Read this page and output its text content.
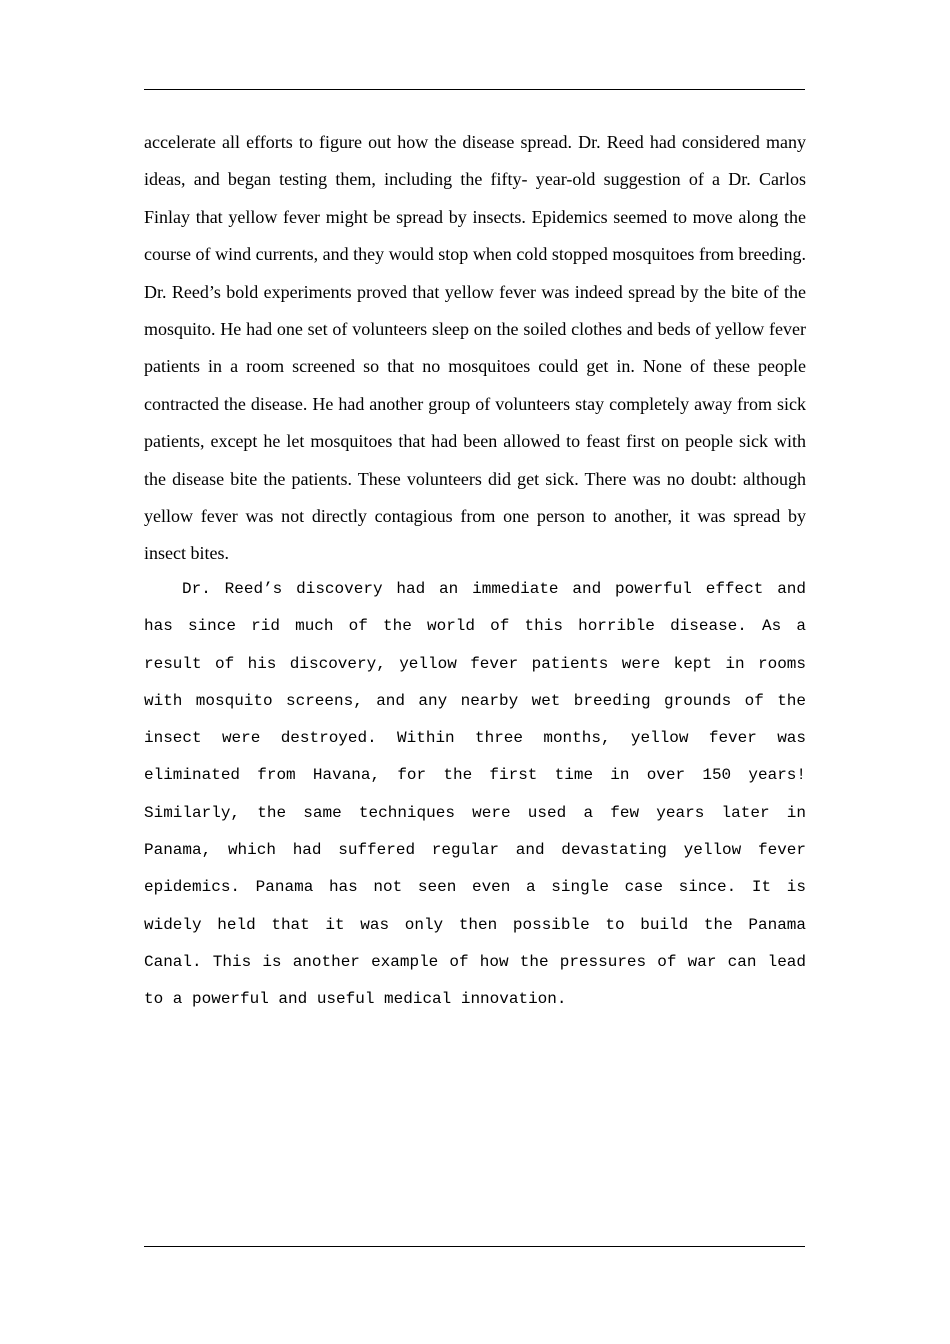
accelerate all efforts to figure out how the disease spread. Dr. Reed had considered many ideas, and began testing them, including the fifty- year-old suggestion of a Dr. Carlos Finlay that yellow fever might be spread by insects. Epidemics seemed to move along the course of wind currents, and they would stop when cold stopped mosquitoes from breeding. Dr. Reed’s bold experiments proved that yellow fever was indeed spread by the bite of the mosquito. He had one set of volunteers sleep on the soiled clothes and beds of yellow fever patients in a room screened so that no mosquitoes could get in. None of these people contracted the disease. He had another group of volunteers stay completely away from sick patients, except he let mosquitoes that had been allowed to feast first on people sick with the disease bite the patients. These volunteers did get sick. There was no doubt: although yellow fever was not directly contagious from one person to another, it was spread by insect bites.

Dr. Reed’s discovery had an immediate and powerful effect and has since rid much of the world of this horrible disease. As a result of his discovery, yellow fever patients were kept in rooms with mosquito screens, and any nearby wet breeding grounds of the insect were destroyed. Within three months, yellow fever was eliminated from Havana, for the first time in over 150 years! Similarly, the same techniques were used a few years later in Panama, which had suffered regular and devastating yellow fever epidemics. Panama has not seen even a single case since. It is widely held that it was only then possible to build the Panama Canal. This is another example of how the pressures of war can lead to a powerful and useful medical innovation.
